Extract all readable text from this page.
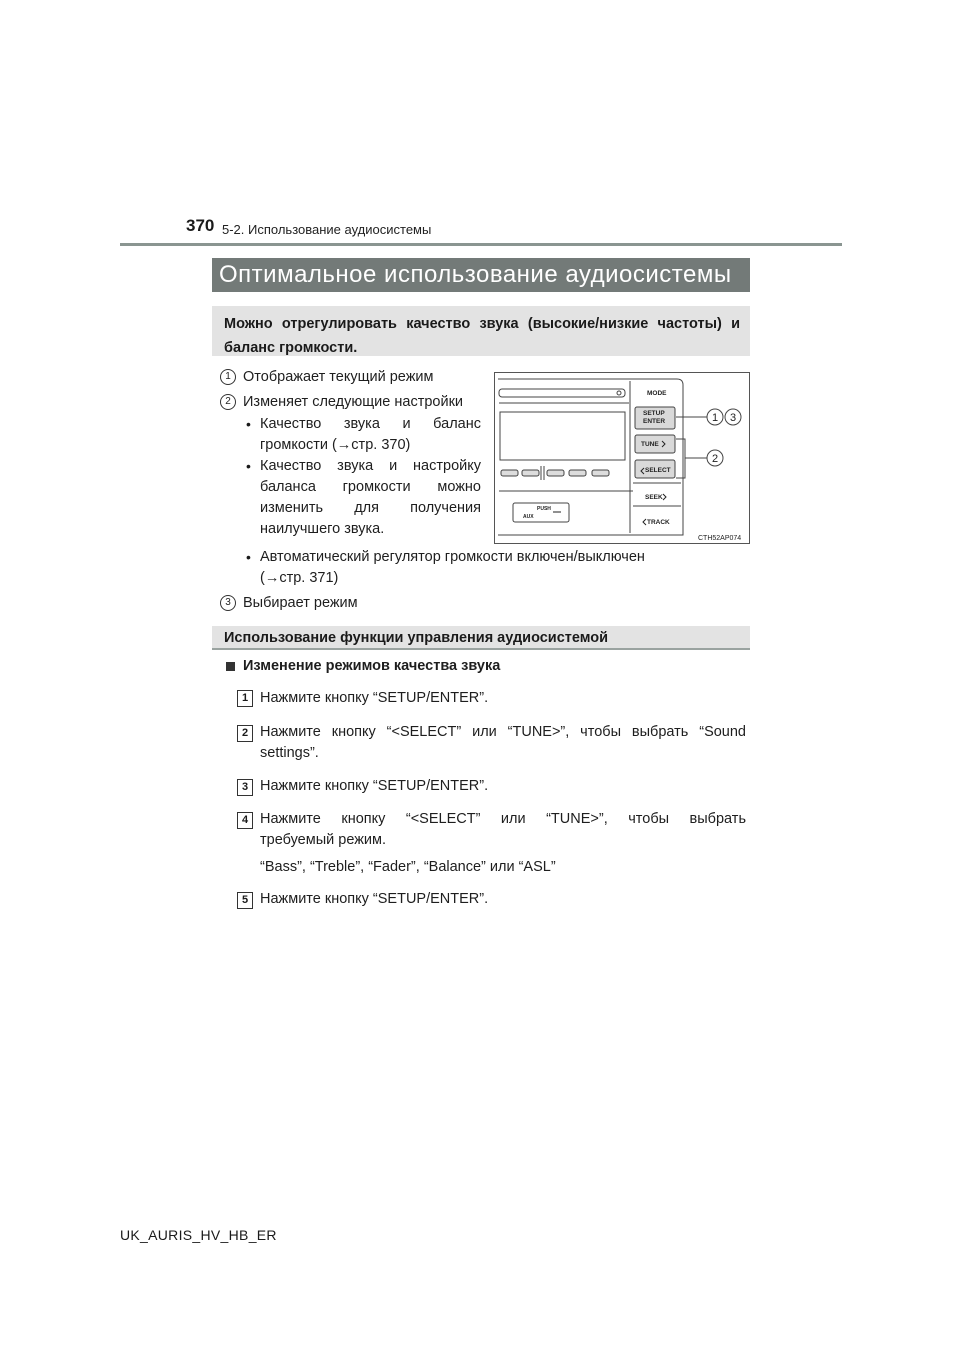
370 5-2. Использование аудиосистемы
Оптимальное использование аудиосистемы
Можно отрегулировать качество звука (высокие/низкие частоты) и баланс громкости.
1 Отображает текущий режим
2 Изменяет следующие настройки
• Качество звука и баланс
громкости (→стр. 370)
• Качество звука и настройку
баланса громкости можно
изменить для получения
наилучшего звука.
• Автоматический регулятор громкости включен/выключен
(→стр. 371)
3 Выбирает режим
MODE
SETUP
ENTER
TUNE
SELECT
SEEK
TRACK
PUSH
AUX
1 3
2
CTH52AP074
Использование функции управления аудиосистемой
Изменение режимов качества звука
1 Нажмите кнопку “SETUP/ENTER”.
2 Нажмите кнопку “<SELECT” или “TUNE>”, чтобы выбрать “Sound
settings”.
3 Нажмите кнопку “SETUP/ENTER”.
4 Нажмите кнопку “<SELECT” или “TUNE>”, чтобы выбрать
требуемый режим.
“Bass”, “Treble”, “Fader”, “Balance” или “ASL”
5 Нажмите кнопку “SETUP/ENTER”.
UK_AURIS_HV_HB_ER
